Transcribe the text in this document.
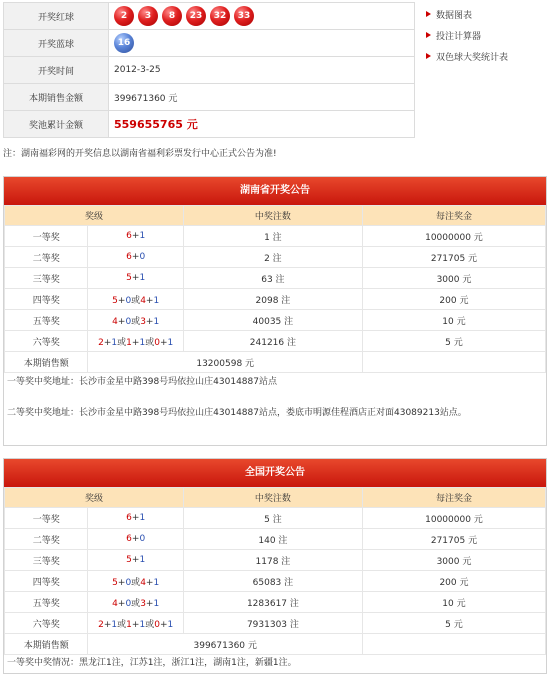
开奖红球	2 3 8 23 32 33
开奖蓝球	16
开奖时间	2012-3-25
本期销售金额	399671360 元
奖池累计金额	559655765 元
数据图表
投注计算器
双色球大奖统计表
注：湖南福彩网的开奖信息以湖南省福利彩票发行中心正式公告为准!
湖南省开奖公告
奖级		中奖注数	每注奖金
一等奖	6+1	1 注	10000000 元
二等奖	6+0	2 注	271705 元
三等奖	5+1	63 注	3000 元
四等奖	5+0或4+1	2098 注	200 元
五等奖	4+0或3+1	40035 注	10 元
六等奖	2+1或1+1或0+1	241216 注	5 元
本期销售额	13200598 元		
一等奖中奖地址：长沙市金星中路398号玛依拉山庄43014887站点
二等奖中奖地址：长沙市金星中路398号玛依拉山庄43014887站点，娄底市明源佳程酒店正对面43089213站点。
全国开奖公告
奖级		中奖注数	每注奖金
一等奖	6+1	5 注	10000000 元
二等奖	6+0	140 注	271705 元
三等奖	5+1	1178 注	3000 元
四等奖	5+0或4+1	65083 注	200 元
五等奖	4+0或3+1	1283617 注	10 元
六等奖	2+1或1+1或0+1	7931303 注	5 元
本期销售额	399671360 元		
一等奖中奖情况：黑龙江1注，江苏1注，浙江1注，湖南1注，新疆1注。
